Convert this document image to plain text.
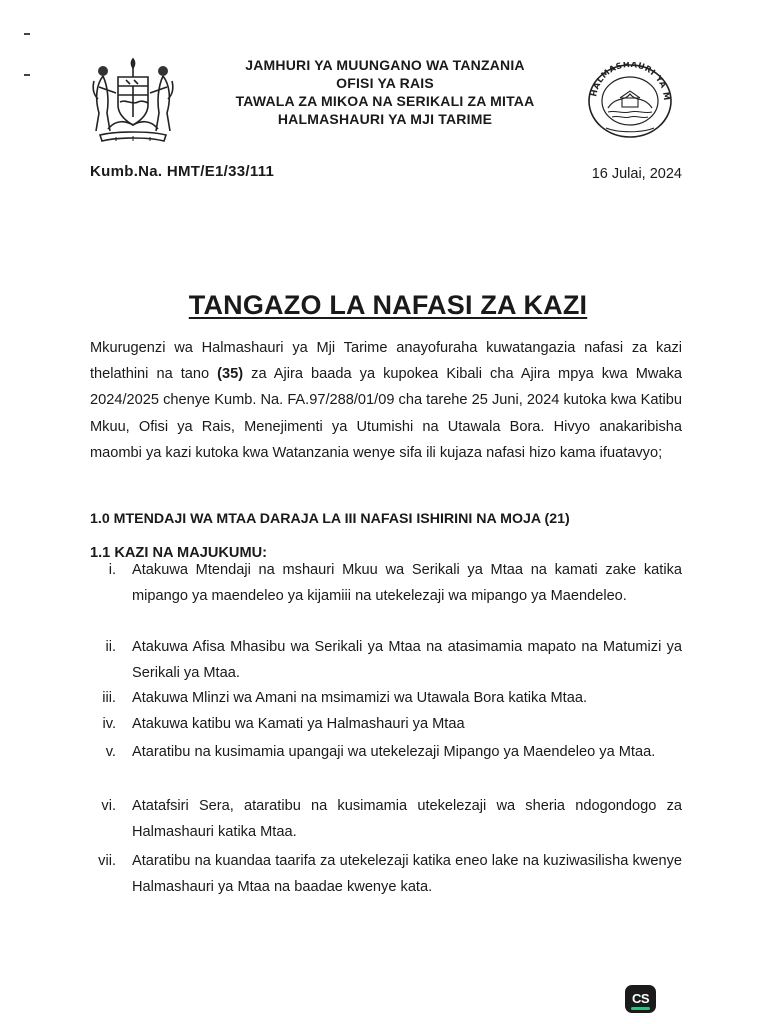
JAMHURI YA MUUNGANO WA TANZANIA
OFISI YA RAIS
TAWALA ZA MIKOA NA SERIKALI ZA MITAA
HALMASHAURI YA MJI TARIME
HALMASHAURI YA M
Kumb.Na. HMT/E1/33/111	16 Julai, 2024
TANGAZO LA NAFASI ZA KAZI
Mkurugenzi wa Halmashauri ya Mji Tarime anayofuraha kuwatangazia nafasi za kazi thelathini na tano (35) za Ajira baada ya kupokea Kibali cha Ajira mpya kwa Mwaka 2024/2025 chenye Kumb. Na. FA.97/288/01/09 cha tarehe 25 Juni, 2024 kutoka kwa Katibu Mkuu, Ofisi ya Rais, Menejimenti ya Utumishi na Utawala Bora. Hivyo anakaribisha maombi ya kazi kutoka kwa Watanzania wenye sifa ili kujaza nafasi hizo kama ifuatavyo;
1.0 MTENDAJI WA MTAA DARAJA LA III NAFASI ISHIRINI NA MOJA (21)
1.1 KAZI NA MAJUKUMU:
i. Atakuwa Mtendaji na mshauri Mkuu wa Serikali ya Mtaa na kamati zake katika mipango ya maendeleo ya kijamiii na utekelezaji wa mipango ya Maendeleo.
ii. Atakuwa Afisa Mhasibu wa Serikali ya Mtaa na atasimamia mapato na Matumizi ya Serikali ya Mtaa.
iii. Atakuwa Mlinzi wa Amani na msimamizi wa Utawala Bora katika Mtaa.
iv. Atakuwa katibu wa Kamati ya Halmashauri ya Mtaa
v. Ataratibu na kusimamia upangaji wa utekelezaji Mipango ya Maendeleo ya Mtaa.
vi. Atatafsiri Sera, ataratibu na kusimamia utekelezaji wa sheria ndogondogo za Halmashauri katika Mtaa.
vii. Ataratibu na kuandaa taarifa za utekelezaji katika eneo lake na kuziwasilisha kwenye Halmashauri ya Mtaa na baadae kwenye kata.
CS
